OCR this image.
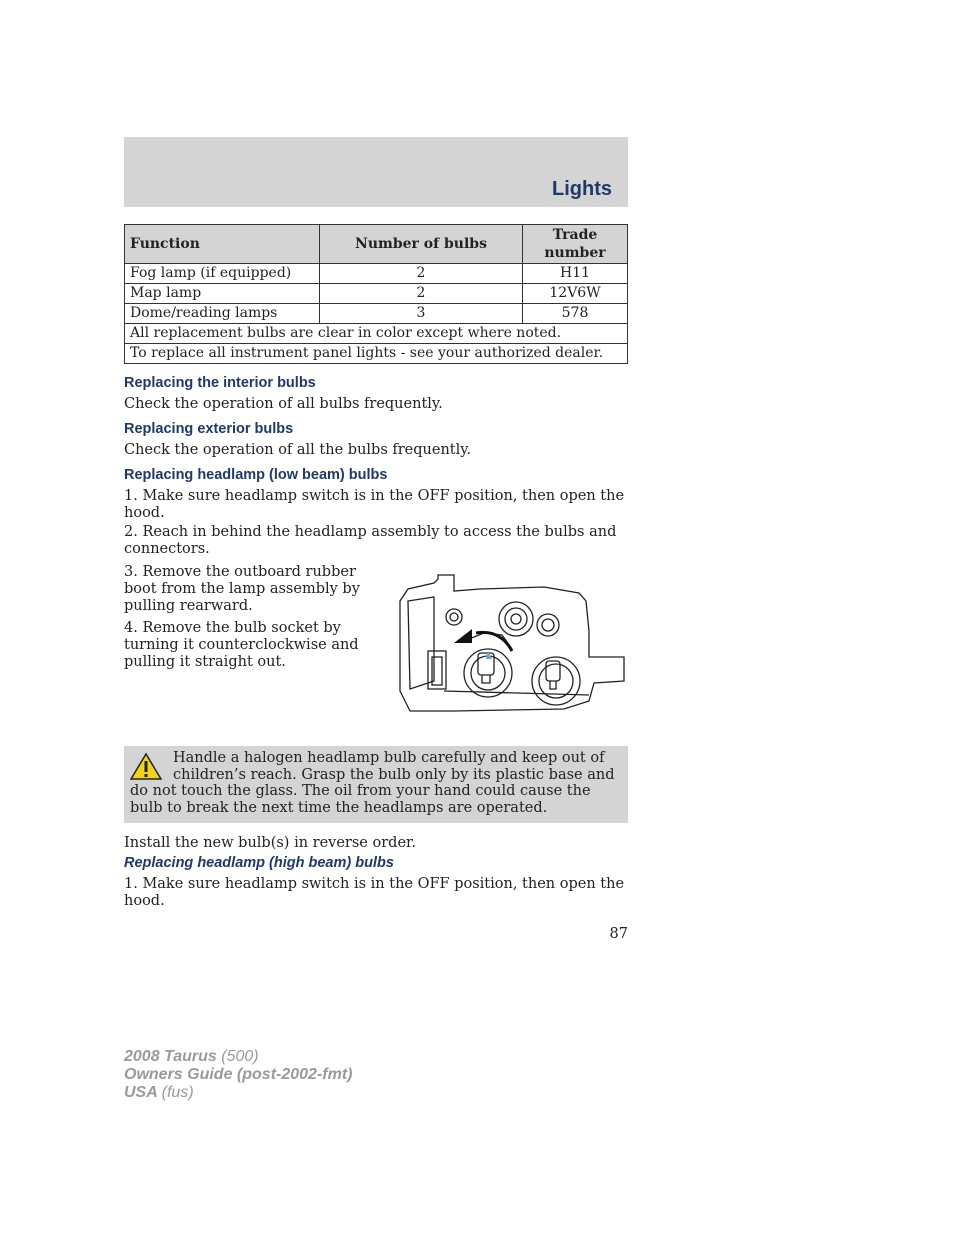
Lights
Function	Number of bulbs	Trade number
Fog lamp (if equipped)	2	H11
Map lamp	2	12V6W
Dome/reading lamps	3	578
All replacement bulbs are clear in color except where noted.		
To replace all instrument panel lights - see your authorized dealer.		
Replacing the interior bulbs

Check the operation of all bulbs frequently.

Replacing exterior bulbs

Check the operation of all the bulbs frequently.

Replacing headlamp (low beam) bulbs

1. Make sure headlamp switch is in the OFF position, then open the hood.

2. Reach in behind the headlamp assembly to access the bulbs and connectors.

3. Remove the outboard rubber boot from the lamp assembly by pulling rearward.

4. Remove the bulb socket by turning it counterclockwise and pulling it straight out.

Handle a halogen headlamp bulb carefully and keep out of children’s reach. Grasp the bulb only by its plastic base and do not touch the glass. The oil from your hand could cause the bulb to break the next time the headlamps are operated.

Install the new bulb(s) in reverse order.

Replacing headlamp (high beam) bulbs

1. Make sure headlamp switch is in the OFF position, then open the hood.

87
2008 Taurus (500)
Owners Guide (post-2002-fmt)
USA (fus)
